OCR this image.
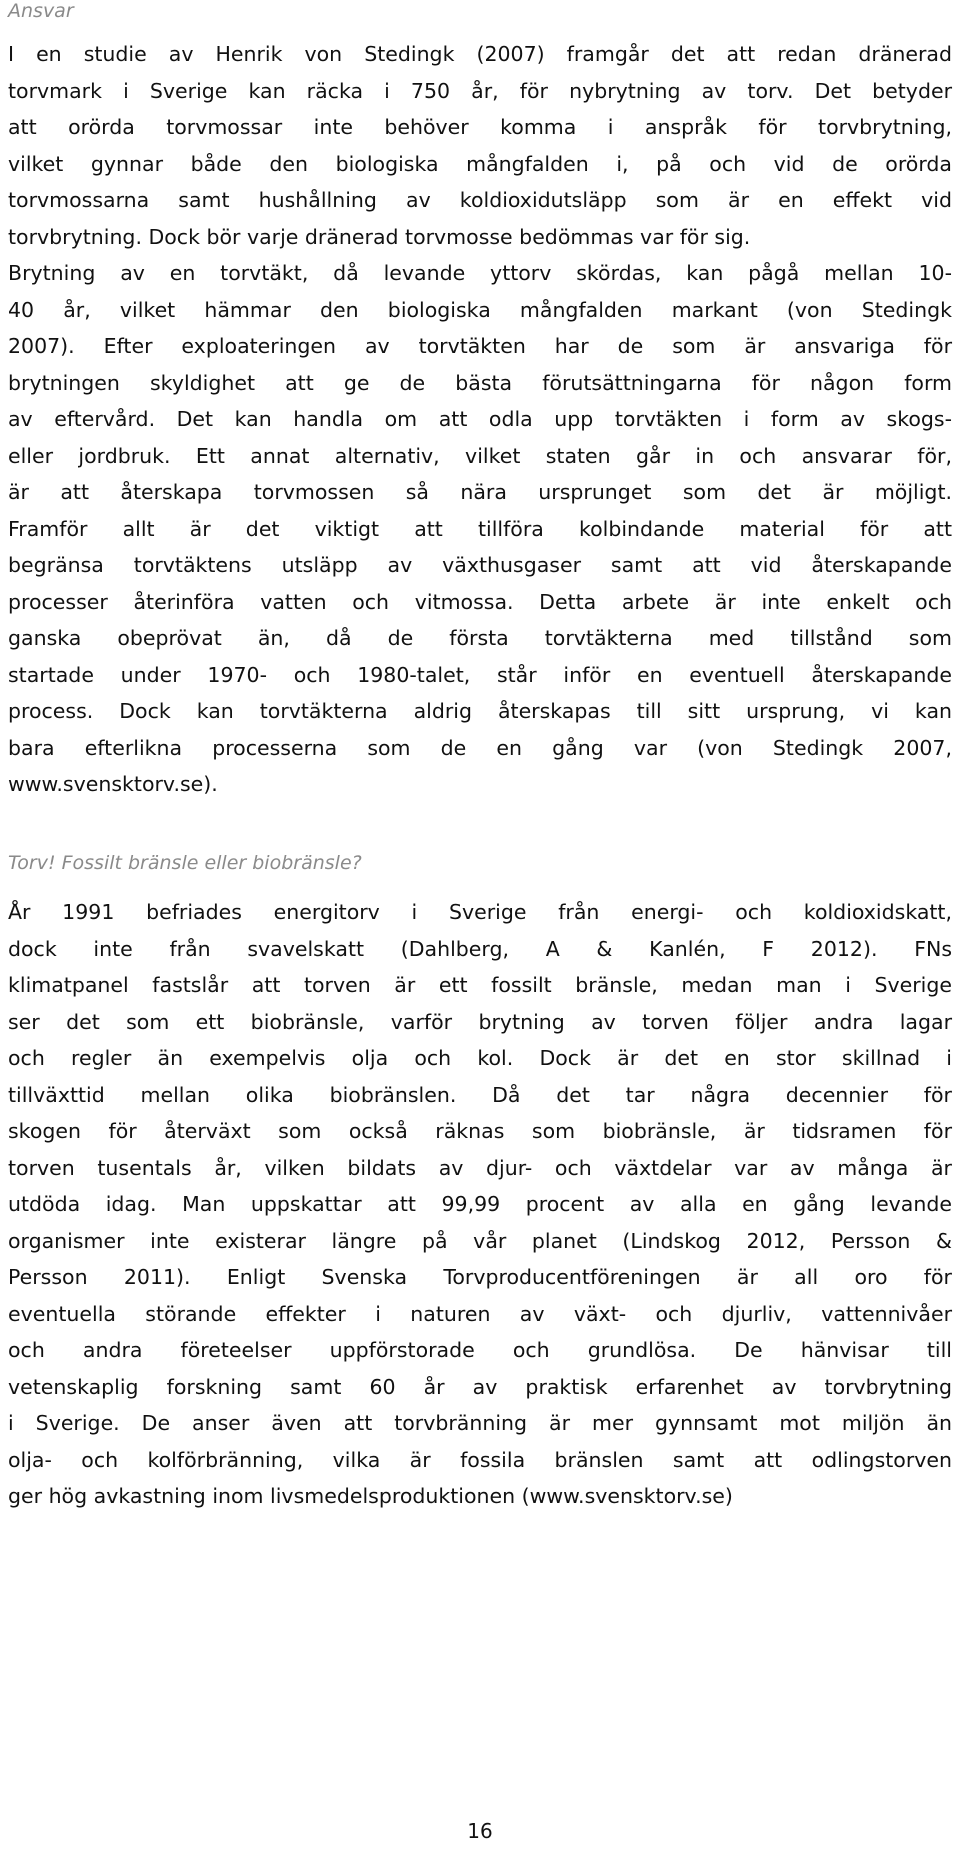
Ansvar
I en studie av Henrik von Stedingk (2007) framgår det att redan dränerad
torvmark i Sverige kan räcka i 750 år, för nybrytning av torv. Det betyder
att orörda torvmossar inte behöver komma i anspråk för torvbrytning,
vilket gynnar både den biologiska mångfalden i, på och vid de orörda
torvmossarna samt hushållning av koldioxidutsläpp som är en effekt vid
torvbrytning. Dock bör varje dränerad torvmosse bedömmas var för sig.
Brytning av en torvtäkt, då levande yttorv skördas, kan pågå mellan 10-
40 år, vilket hämmar den biologiska mångfalden markant (von Stedingk
2007). Efter exploateringen av torvtäkten har de som är ansvariga för
brytningen skyldighet att ge de bästa förutsättningarna för någon form
av eftervård. Det kan handla om att odla upp torvtäkten i form av skogs-
eller jordbruk. Ett annat alternativ, vilket staten går in och ansvarar för,
är att återskapa torvmossen så nära ursprunget som det är möjligt.
Framför allt är det viktigt att tillföra kolbindande material för att
begränsa torvtäktens utsläpp av växthusgaser samt att vid återskapande
processer återinföra vatten och vitmossa. Detta arbete är inte enkelt och
ganska obeprövat än, då de första torvtäkterna med tillstånd som
startade under 1970- och 1980-talet, står inför en eventuell återskapande
process. Dock kan torvtäkterna aldrig återskapas till sitt ursprung, vi kan
bara efterlikna processerna som de en gång var (von Stedingk 2007,
www.svensktorv.se).
Torv! Fossilt bränsle eller biobränsle?
År 1991 befriades energitorv i Sverige från energi- och koldioxidskatt,
dock inte från svavelskatt (Dahlberg, A & Kanlén, F 2012). FNs
klimatpanel fastslår att torven är ett fossilt bränsle, medan man i Sverige
ser det som ett biobränsle, varför brytning av torven följer andra lagar
och regler än exempelvis olja och kol. Dock är det en stor skillnad i
tillväxttid mellan olika biobränslen. Då det tar några decennier för
skogen för återväxt som också räknas som biobränsle, är tidsramen för
torven tusentals år, vilken bildats av djur- och växtdelar var av många är
utdöda idag. Man uppskattar att 99,99 procent av alla en gång levande
organismer inte existerar längre på vår planet (Lindskog 2012, Persson &
Persson 2011). Enligt Svenska Torvproducentföreningen är all oro för
eventuella störande effekter i naturen av växt- och djurliv, vattennivåer
och andra företeelser uppförstorade och grundlösa. De hänvisar till
vetenskaplig forskning samt 60 år av praktisk erfarenhet av torvbrytning
i Sverige. De anser även att torvbränning är mer gynnsamt mot miljön än
olja- och kolförbränning, vilka är fossila bränslen samt att odlingstorven
ger hög avkastning inom livsmedelsproduktionen (www.svensktorv.se)
16
